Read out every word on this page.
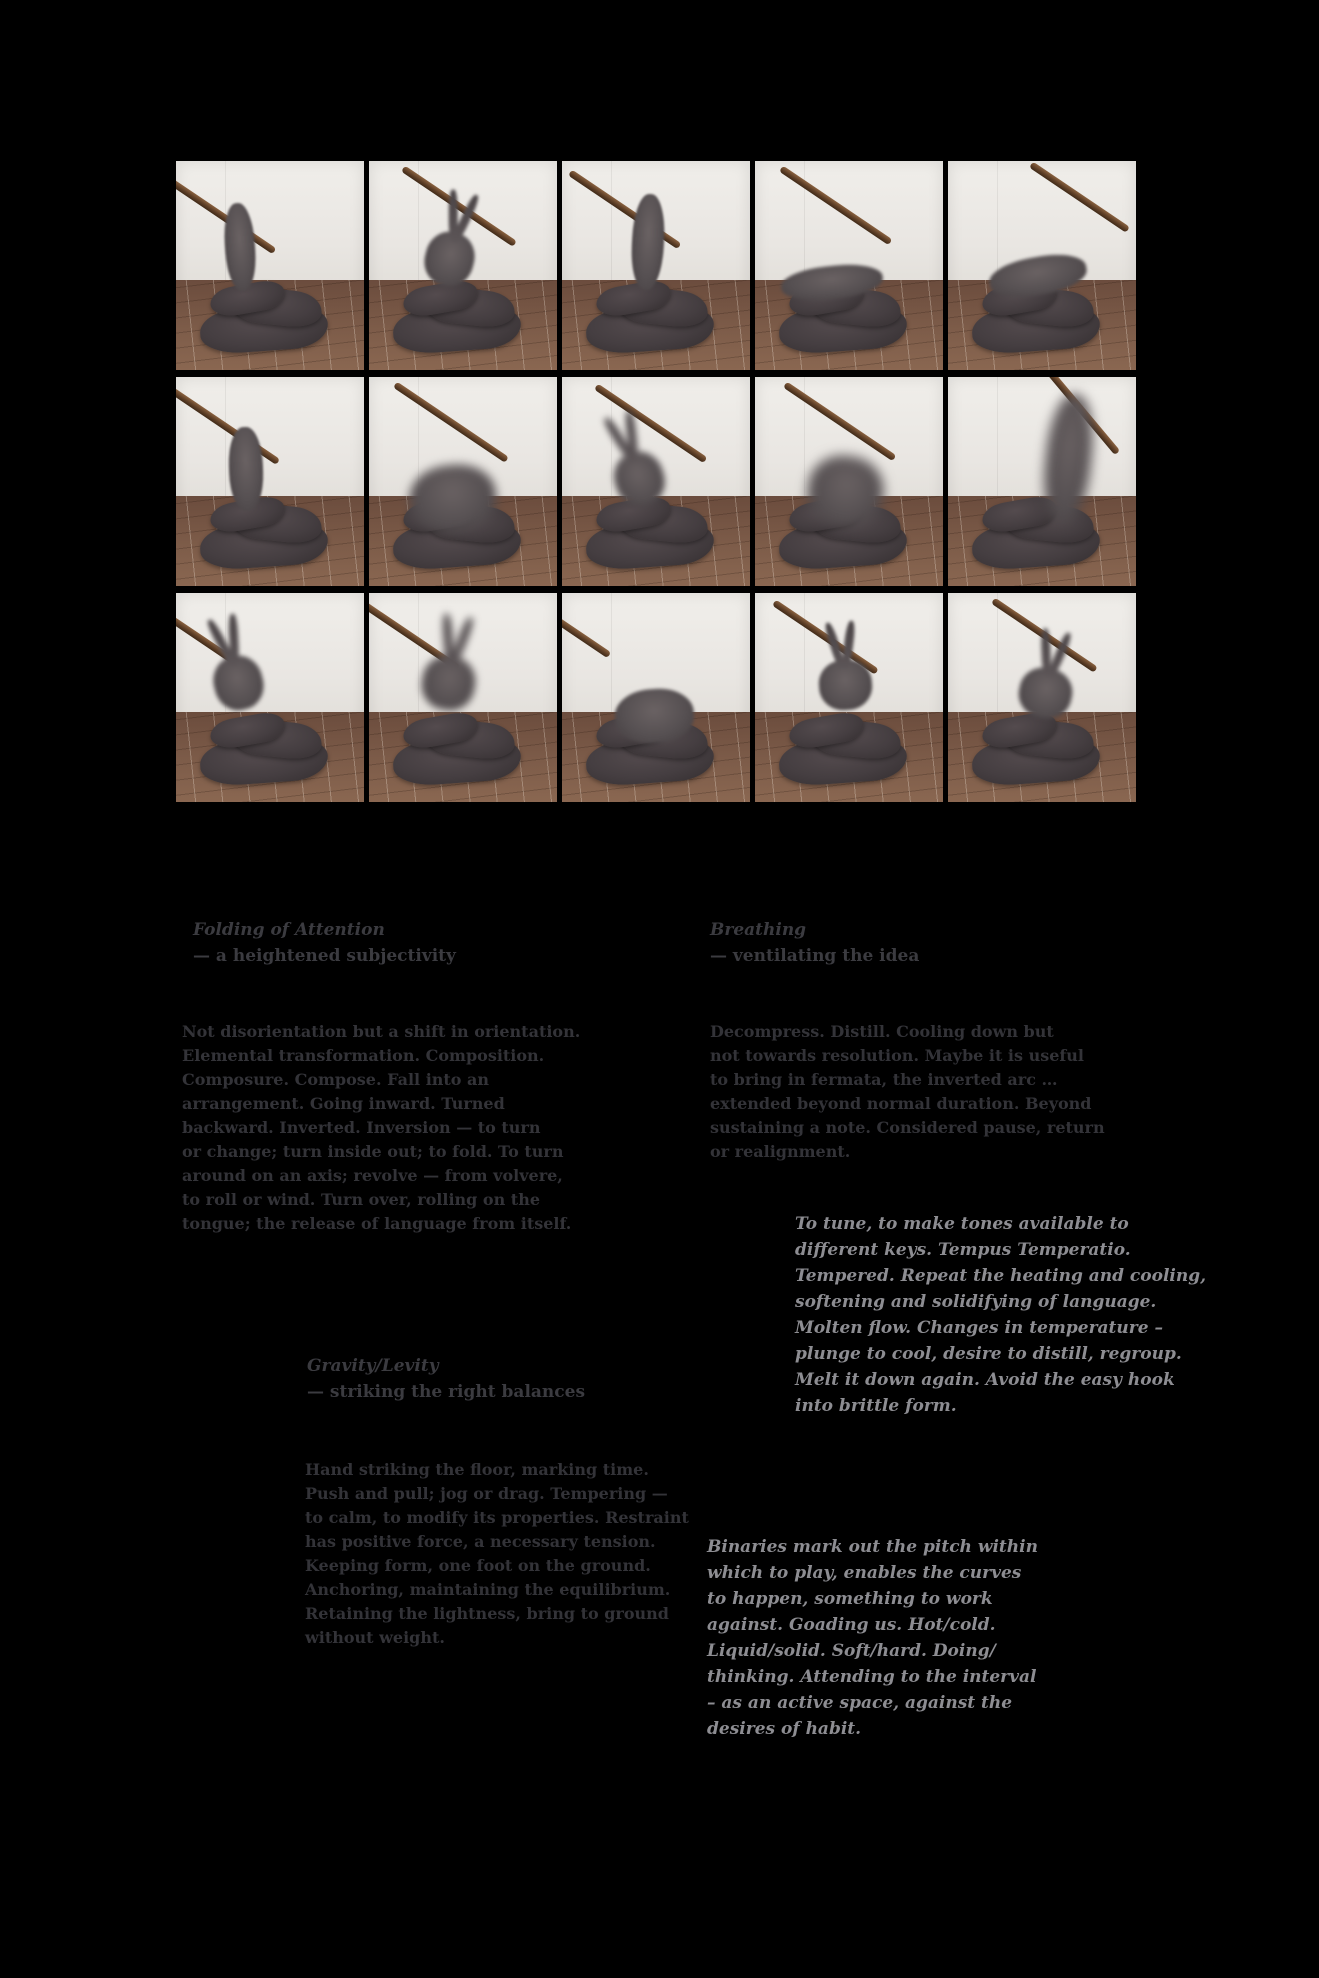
Folding of Attention
— a heightened subjectivity
Breathing
— ventilating the idea
Not disorientation but a shift in orientation.
Elemental transformation. Composition.
Composure. Compose. Fall into an
arrangement. Going inward. Turned
backward. Inverted. Inversion — to turn
or change; turn inside out; to fold. To turn
around on an axis; revolve — from volvere,
to roll or wind. Turn over, rolling on the
tongue; the release of language from itself.
Decompress. Distill. Cooling down but
not towards resolution. Maybe it is useful
to bring in fermata, the inverted arc …
extended beyond normal duration. Beyond
sustaining a note. Considered pause, return
or realignment.
To tune, to make tones available to
different keys. Tempus Temperatio.
Tempered. Repeat the heating and cooling,
softening and solidifying of language.
Molten flow. Changes in temperature –
plunge to cool, desire to distill, regroup.
Melt it down again. Avoid the easy hook
into brittle form.
Gravity/Levity
— striking the right balances
Hand striking the floor, marking time.
Push and pull; jog or drag. Tempering —
to calm, to modify its properties. Restraint
has positive force, a necessary tension.
Keeping form, one foot on the ground.
Anchoring, maintaining the equilibrium.
Retaining the lightness, bring to ground
without weight.
Binaries mark out the pitch within
which to play, enables the curves
to happen, something to work
against. Goading us. Hot/cold.
Liquid/solid. Soft/hard. Doing/
thinking. Attending to the interval
– as an active space, against the
desires of habit.
